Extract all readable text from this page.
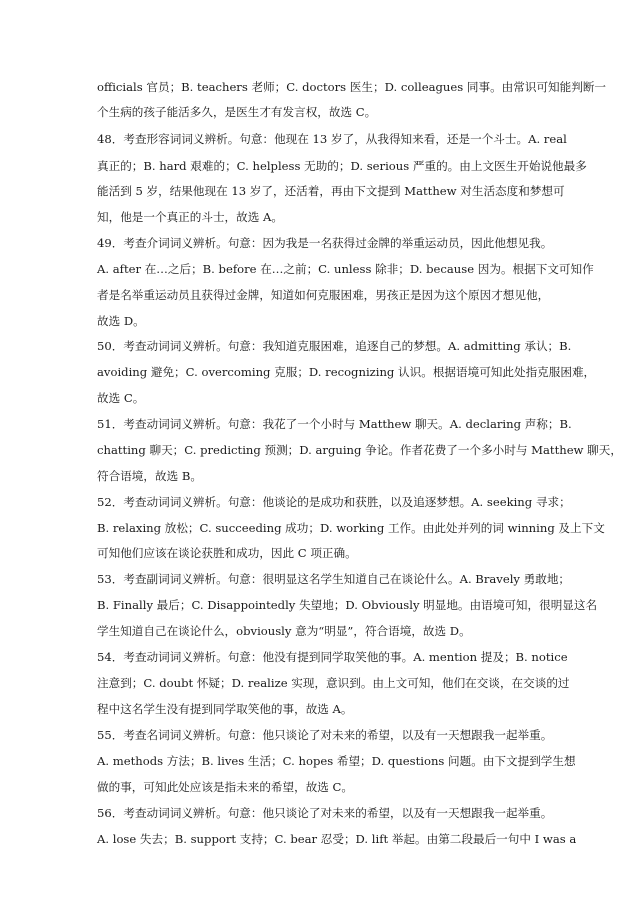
officials 官员；B. teachers 老师；C. doctors 医生；D. colleagues 同事。由常识可知能判断一
个生病的孩子能活多久，是医生才有发言权，故选 C。
48．考查形容词词义辨析。句意：他现在 13 岁了，从我得知来看，还是一个斗士。A. real
真正的；B. hard 艰难的；C. helpless 无助的；D. serious 严重的。由上文医生开始说他最多
能活到 5 岁，结果他现在 13 岁了，还活着，再由下文提到 Matthew 对生活态度和梦想可
知，他是一个真正的斗士，故选 A。
49．考查介词词义辨析。句意：因为我是一名获得过金牌的举重运动员，因此他想见我。
A. after 在…之后；B. before 在…之前；C. unless 除非；D. because 因为。根据下文可知作
者是名举重运动员且获得过金牌，知道如何克服困难，男孩正是因为这个原因才想见他，
故选 D。
50．考查动词词义辨析。句意：我知道克服困难，追逐自己的梦想。A. admitting 承认；B.
avoiding 避免；C. overcoming 克服；D. recognizing 认识。根据语境可知此处指克服困难，
故选 C。
51．考查动词词义辨析。句意：我花了一个小时与 Matthew 聊天。A. declaring 声称；B.
chatting 聊天；C. predicting 预测；D. arguing 争论。作者花费了一个多小时与 Matthew 聊天，
符合语境，故选 B。
52．考查动词词义辨析。句意：他谈论的是成功和获胜，以及追逐梦想。A. seeking 寻求；
B. relaxing 放松；C. succeeding 成功；D. working 工作。由此处并列的词 winning 及上下文
可知他们应该在谈论获胜和成功，因此 C 项正确。
53．考查副词词义辨析。句意：很明显这名学生知道自己在谈论什么。A. Bravely 勇敢地；
B. Finally 最后；C. Disappointedly 失望地；D. Obviously 明显地。由语境可知，很明显这名
学生知道自己在谈论什么，obviously 意为“明显”，符合语境，故选 D。
54．考查动词词义辨析。句意：他没有提到同学取笑他的事。A. mention 提及；B. notice
注意到；C. doubt 怀疑；D. realize 实现，意识到。由上文可知，他们在交谈，在交谈的过
程中这名学生没有提到同学取笑他的事，故选 A。
55．考查名词词义辨析。句意：他只谈论了对未来的希望，以及有一天想跟我一起举重。
A. methods 方法；B. lives 生活；C. hopes 希望；D. questions 问题。由下文提到学生想
做的事，可知此处应该是指未来的希望，故选 C。
56．考查动词词义辨析。句意：他只谈论了对未来的希望，以及有一天想跟我一起举重。
A. lose 失去；B. support 支持；C. bear 忍受；D. lift 举起。由第二段最后一句中 I was a
